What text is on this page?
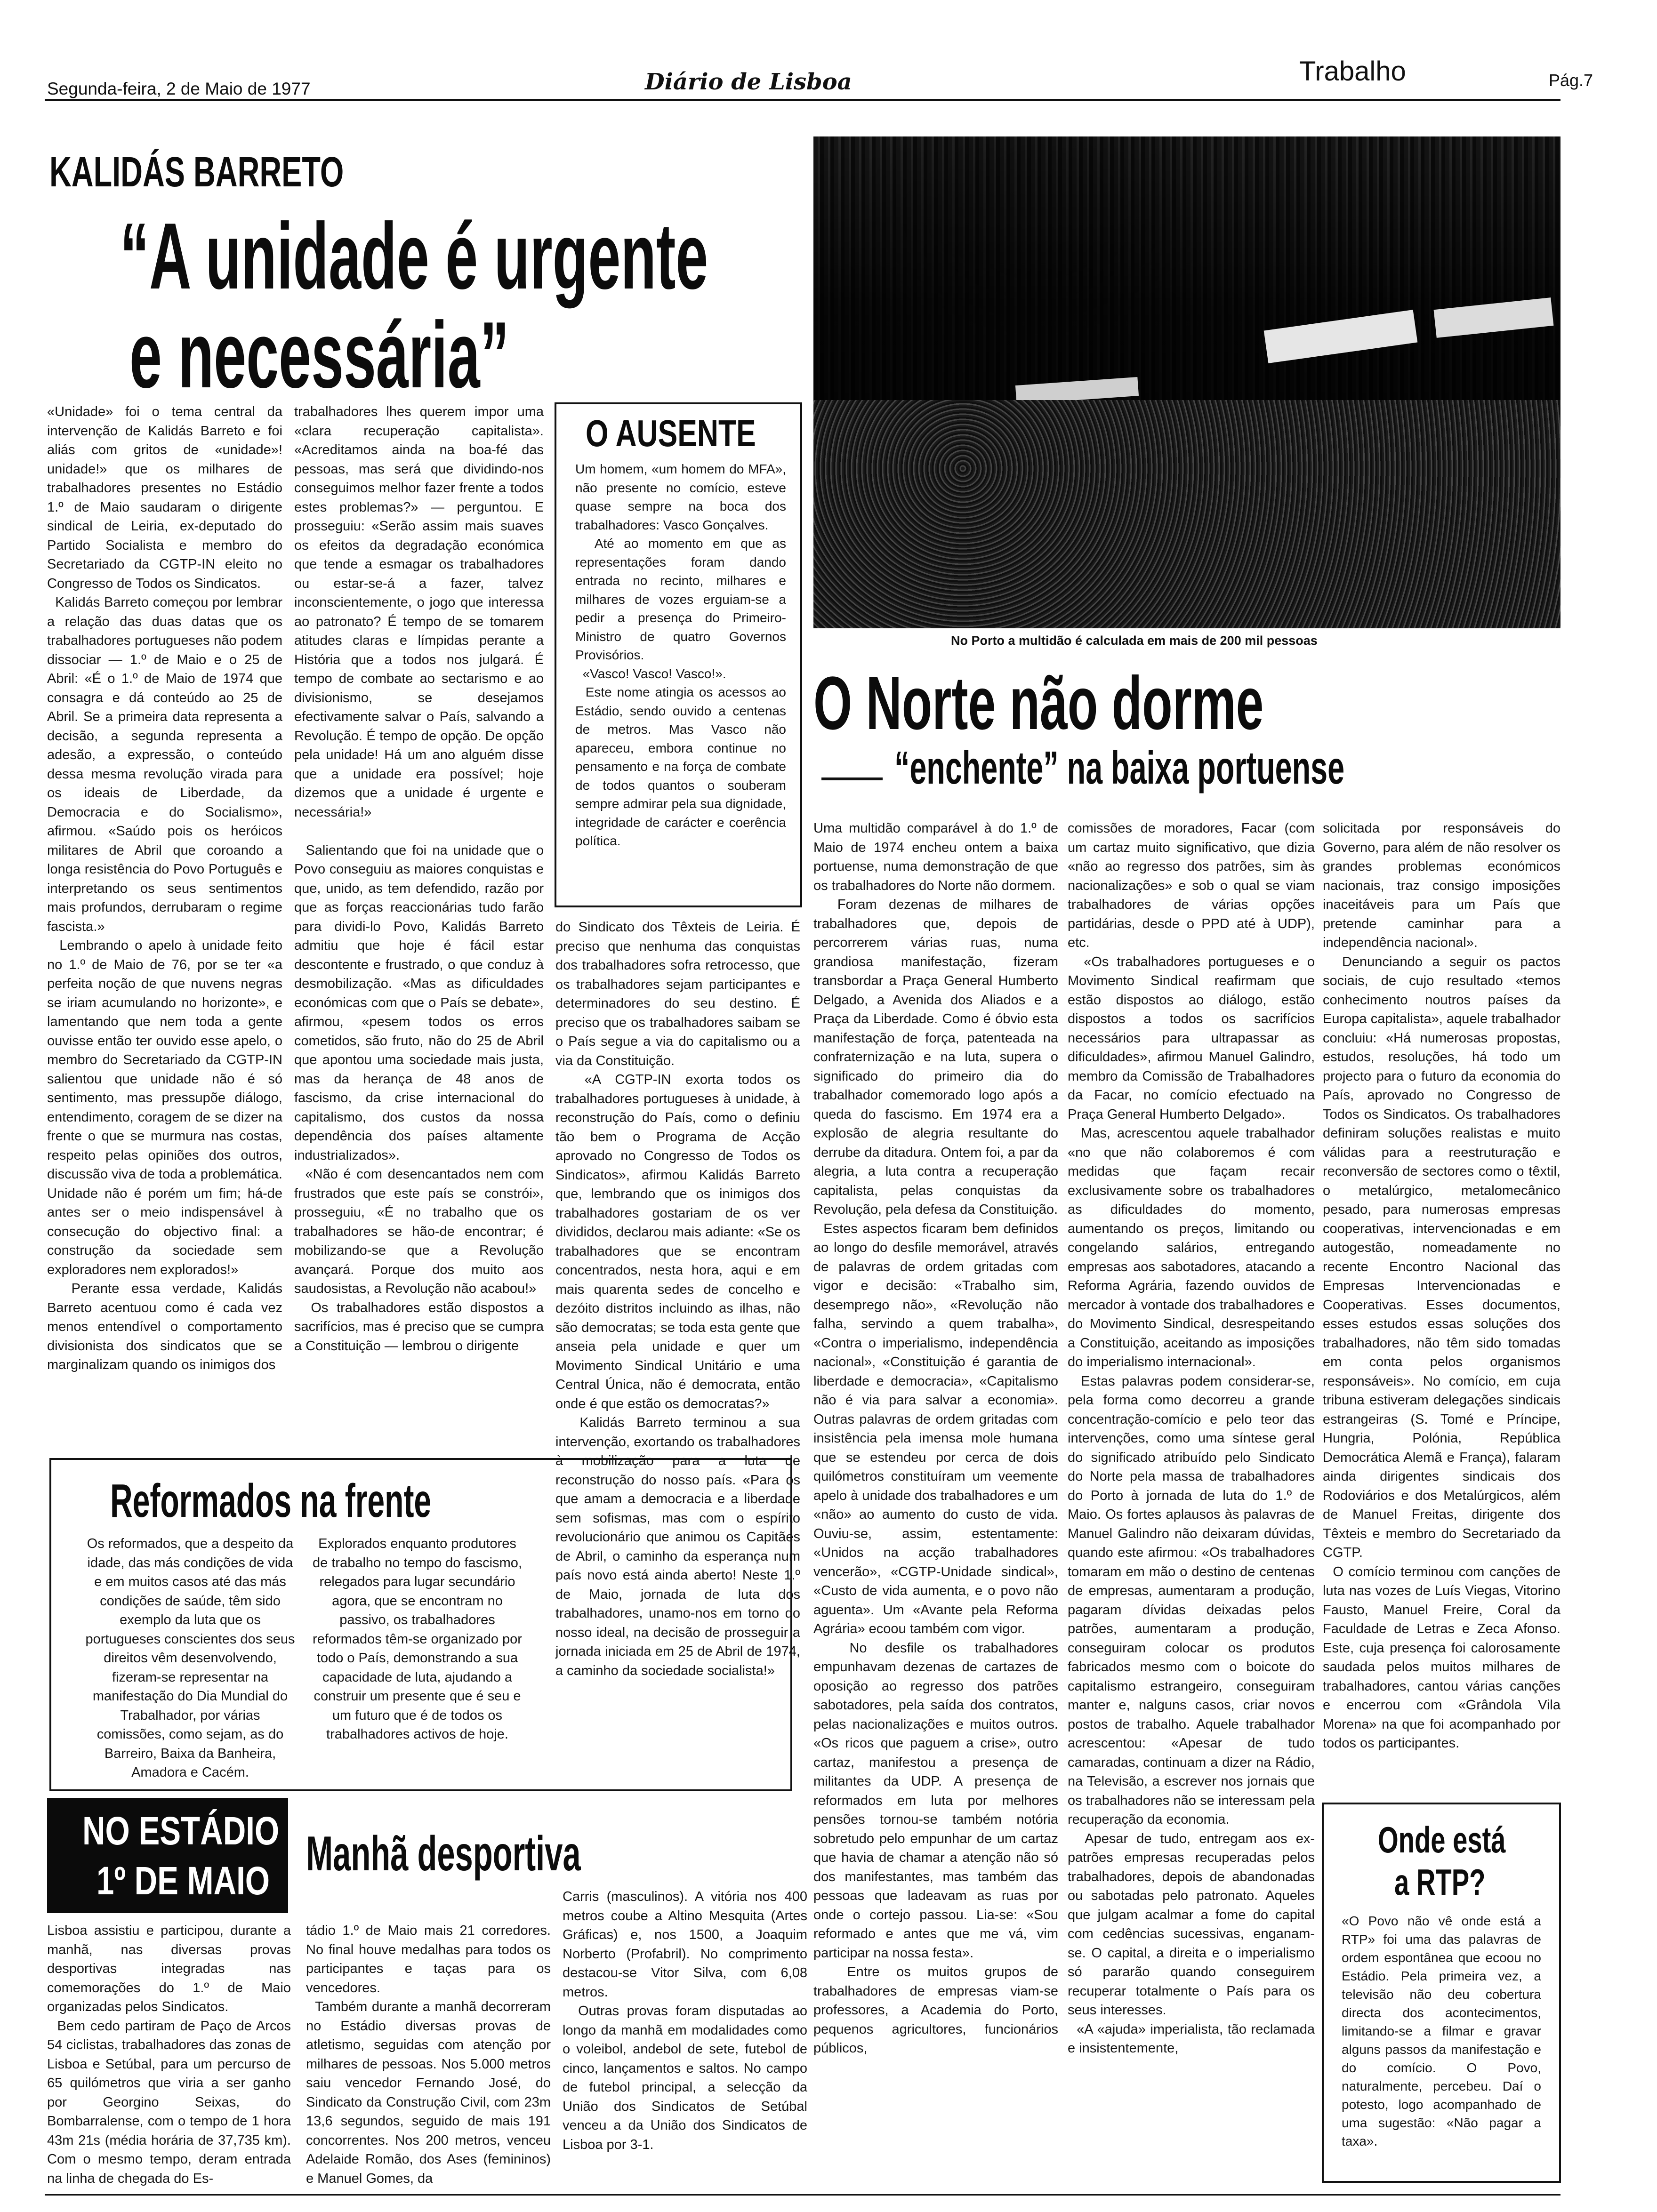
Segunda-feira, 2 de Maio de 1977	Diário de Lisboa	Trabalho	Pág.7
KALIDÁS BARRETO
“A unidade é urgente
e necessária”
«Unidade» foi o tema central da intervenção de Kalidás Barreto e foi aliás com gritos de «unidade»! unidade!» que os milhares de trabalhadores presentes no Estádio 1.º de Maio saudaram o dirigente sindical de Leiria, ex-deputado do Partido Socialista e membro do Secretariado da CGTP-IN eleito no Congresso de Todos os Sindicatos.
Kalidás Barreto começou por lembrar a relação das duas datas que os trabalhadores portugueses não podem dissociar — 1.º de Maio e o 25 de Abril: «É o 1.º de Maio de 1974 que consagra e dá conteúdo ao 25 de Abril. Se a primeira data representa a decisão, a segunda representa a adesão, a expressão, o conteúdo dessa mesma revolução virada para os ideais de Liberdade, da Democracia e do Socialismo», afirmou. «Saúdo pois os heróicos militares de Abril que coroando a longa resistência do Povo Português e interpretando os seus sentimentos mais profundos, derrubaram o regime fascista.»
Lembrando o apelo à unidade feito no 1.º de Maio de 76, por se ter «a perfeita noção de que nuvens negras se iriam acumulando no horizonte», e lamentando que nem toda a gente ouvisse então ter ouvido esse apelo, o membro do Secretariado da CGTP-IN salientou que unidade não é só sentimento, mas pressupõe diálogo, entendimento, coragem de se dizer na frente o que se murmura nas costas, respeito pelas opiniões dos outros, discussão viva de toda a problemática. Unidade não é porém um fim; há-de antes ser o meio indispensável à consecução do objectivo final: a construção da sociedade sem exploradores nem explorados!»
Perante essa verdade, Kalidás Barreto acentuou como é cada vez menos entendível o comportamento divisionista dos sindicatos que se marginalizam quando os inimigos dos
trabalhadores lhes querem impor uma «clara recuperação capitalista». «Acreditamos ainda na boa-fé das pessoas, mas será que dividindo-nos conseguimos melhor fazer frente a todos estes problemas?» — perguntou. E prosseguiu: «Serão assim mais suaves os efeitos da degradação económica que tende a esmagar os trabalhadores ou estar-se-á a fazer, talvez inconscientemente, o jogo que interessa ao patronato? É tempo de se tomarem atitudes claras e límpidas perante a História que a todos nos julgará. É tempo de combate ao sectarismo e ao divisionismo, se desejamos efectivamente salvar o País, salvando a Revolução. É tempo de opção. De opção pela unidade! Há um ano alguém disse que a unidade era possível; hoje dizemos que a unidade é urgente e necessária!»

Salientando que foi na unidade que o Povo conseguiu as maiores conquistas e que, unido, as tem defendido, razão por que as forças reaccionárias tudo farão para dividi-lo Povo, Kalidás Barreto admitiu que hoje é fácil estar descontente e frustrado, o que conduz à desmobilização. «Mas as dificuldades económicas com que o País se debate», afirmou, «pesem todos os erros cometidos, são fruto, não do 25 de Abril que apontou uma sociedade mais justa, mas da herança de 48 anos de fascismo, da crise internacional do capitalismo, dos custos da nossa dependência dos países altamente industrializados».
«Não é com desencantados nem com frustrados que este país se constrói», prosseguiu, «É no trabalho que os trabalhadores se hão-de encontrar; é mobilizando-se que a Revolução avançará. Porque dos muito aos saudosistas, a Revolução não acabou!»
Os trabalhadores estão dispostos a sacrifícios, mas é preciso que se cumpra a Constituição — lembrou o dirigente
do Sindicato dos Têxteis de Leiria. É preciso que nenhuma das conquistas dos trabalhadores sofra retrocesso, que os trabalhadores sejam participantes e determinadores do seu destino. É preciso que os trabalhadores saibam se o País segue a via do capitalismo ou a via da Constituição.
«A CGTP-IN exorta todos os trabalhadores portugueses à unidade, à reconstrução do País, como o definiu tão bem o Programa de Acção aprovado no Congresso de Todos os Sindicatos», afirmou Kalidás Barreto que, lembrando que os inimigos dos trabalhadores gostariam de os ver divididos, declarou mais adiante: «Se os trabalhadores que se encontram concentrados, nesta hora, aqui e em mais quarenta sedes de concelho e dezóito distritos incluindo as ilhas, não são democratas; se toda esta gente que anseia pela unidade e quer um Movimento Sindical Unitário e uma Central Única, não é democrata, então onde é que estão os democratas?»
Kalidás Barreto terminou a sua intervenção, exortando os trabalhadores à mobilização para a luta de reconstrução do nosso país. «Para os que amam a democracia e a liberdade sem sofismas, mas com o espírito revolucionário que animou os Capitães de Abril, o caminho da esperança num país novo está ainda aberto! Neste 1.º de Maio, jornada de luta dos trabalhadores, unamo-nos em torno do nosso ideal, na decisão de prosseguir a jornada iniciada em 25 de Abril de 1974, a caminho da sociedade socialista!»
O AUSENTE
Um homem, «um homem do MFA», não presente no comício, esteve quase sempre na boca dos trabalhadores: Vasco Gonçalves.
Até ao momento em que as representações foram dando entrada no recinto, milhares e milhares de vozes erguiam-se a pedir a presença do Primeiro-Ministro de quatro Governos Provisórios.
«Vasco! Vasco! Vasco!».
Este nome atingia os acessos ao Estádio, sendo ouvido a centenas de metros. Mas Vasco não apareceu, embora continue no pensamento e na força de combate de todos quantos o souberam sempre admirar pela sua dignidade, integridade de carácter e coerência política.
Reformados na frente
Os reformados, que a despeito da idade, das más condições de vida e em muitos casos até das más condições de saúde, têm sido exemplo da luta que os portugueses conscientes dos seus direitos vêm desenvolvendo, fizeram-se representar na manifestação do Dia Mundial do Trabalhador, por várias comissões, como sejam, as do Barreiro, Baixa da Banheira, Amadora e Cacém.
Explorados enquanto produtores de trabalho no tempo do fascismo, relegados para lugar secundário agora, que se encontram no passivo, os trabalhadores reformados têm-se organizado por todo o País, demonstrando a sua capacidade de luta, ajudando a construir um presente que é seu e um futuro que é de todos os trabalhadores activos de hoje.
NO ESTÁDIO
1º DE MAIO Manhã desportiva
Lisboa assistiu e participou, durante a manhã, nas diversas provas desportivas integradas nas comemorações do 1.º de Maio organizadas pelos Sindicatos.
Bem cedo partiram de Paço de Arcos 54 ciclistas, trabalhadores das zonas de Lisboa e Setúbal, para um percurso de 65 quilómetros que viria a ser ganho por Georgino Seixas, do Bombarralense, com o tempo de 1 hora 43m 21s (média horária de 37,735 km). Com o mesmo tempo, deram entrada na linha de chegada do Es-
tádio 1.º de Maio mais 21 corredores. No final houve medalhas para todos os participantes e taças para os vencedores.
Também durante a manhã decorreram no Estádio diversas provas de atletismo, seguidas com atenção por milhares de pessoas. Nos 5.000 metros saiu vencedor Fernando José, do Sindicato da Construção Civil, com 23m 13,6 segundos, seguido de mais 191 concorrentes. Nos 200 metros, venceu Adelaide Romão, dos Ases (femininos) e Manuel Gomes, da
Carris (masculinos). A vitória nos 400 metros coube a Altino Mesquita (Artes Gráficas) e, nos 1500, a Joaquim Norberto (Profabril). No comprimento destacou-se Vitor Silva, com 6,08 metros.
Outras provas foram disputadas ao longo da manhã em modalidades como o voleibol, andebol de sete, futebol de cinco, lançamentos e saltos. No campo de futebol principal, a selecção da União dos Sindicatos de Setúbal venceu a da União dos Sindicatos de Lisboa por 3-1.
No Porto a multidão é calculada em mais de 200 mil pessoas
O Norte não dorme
“enchente” na baixa portuense
Uma multidão comparável à do 1.º de Maio de 1974 encheu ontem a baixa portuense, numa demonstração de que os trabalhadores do Norte não dormem.
Foram dezenas de milhares de trabalhadores que, depois de percorrerem várias ruas, numa grandiosa manifestação, fizeram transbordar a Praça General Humberto Delgado, a Avenida dos Aliados e a Praça da Liberdade. Como é óbvio esta manifestação de força, patenteada na confraternização e na luta, supera o significado do primeiro dia do trabalhador comemorado logo após a queda do fascismo. Em 1974 era a explosão de alegria resultante do derrube da ditadura. Ontem foi, a par da alegria, a luta contra a recuperação capitalista, pelas conquistas da Revolução, pela defesa da Constituição.
Estes aspectos ficaram bem definidos ao longo do desfile memorável, através de palavras de ordem gritadas com vigor e decisão: «Trabalho sim, desemprego não», «Revolução não falha, servindo a quem trabalha», «Contra o imperialismo, independência nacional», «Constituição é garantia de liberdade e democracia», «Capitalismo não é via para salvar a economia». Outras palavras de ordem gritadas com insistência pela imensa mole humana que se estendeu por cerca de dois quilómetros constituíram um veemente apelo à unidade dos trabalhadores e um «não» ao aumento do custo de vida. Ouviu-se, assim, estentamente: «Unidos na acção trabalhadores vencerão», «CGTP-Unidade sindical», «Custo de vida aumenta, e o povo não aguenta». Um «Avante pela Reforma Agrária» ecoou também com vigor.
No desfile os trabalhadores empunhavam dezenas de cartazes de oposição ao regresso dos patrões sabotadores, pela saída dos contratos, pelas nacionalizações e muitos outros. «Os ricos que paguem a crise», outro cartaz, manifestou a presença de militantes da UDP. A presença de reformados em luta por melhores pensões tornou-se também notória sobretudo pelo empunhar de um cartaz que havia de chamar a atenção não só dos manifestantes, mas também das pessoas que ladeavam as ruas por onde o cortejo passou. Lia-se: «Sou reformado e antes que me vá, vim participar na nossa festa».
Entre os muitos grupos de trabalhadores de empresas viam-se professores, a Academia do Porto, pequenos agricultores, funcionários públicos,
comissões de moradores, Facar (com um cartaz muito significativo, que dizia «não ao regresso dos patrões, sim às nacionalizações» e sob o qual se viam trabalhadores de várias opções partidárias, desde o PPD até à UDP), etc.
«Os trabalhadores portugueses e o Movimento Sindical reafirmam que estão dispostos ao diálogo, estão dispostos a todos os sacrifícios necessários para ultrapassar as dificuldades», afirmou Manuel Galindro, membro da Comissão de Trabalhadores da Facar, no comício efectuado na Praça General Humberto Delgado».
Mas, acrescentou aquele trabalhador «no que não colaboremos é com medidas que façam recair exclusivamente sobre os trabalhadores as dificuldades do momento, aumentando os preços, limitando ou congelando salários, entregando empresas aos sabotadores, atacando a Reforma Agrária, fazendo ouvidos de mercador à vontade dos trabalhadores e do Movimento Sindical, desrespeitando a Constituição, aceitando as imposições do imperialismo internacional».
Estas palavras podem considerar-se, pela forma como decorreu a grande concentração-comício e pelo teor das intervenções, como uma síntese geral do significado atribuído pelo Sindicato do Norte pela massa de trabalhadores do Porto à jornada de luta do 1.º de Maio. Os fortes aplausos às palavras de Manuel Galindro não deixaram dúvidas, quando este afirmou: «Os trabalhadores tomaram em mão o destino de centenas de empresas, aumentaram a produção, pagaram dívidas deixadas pelos patrões, aumentaram a produção, conseguiram colocar os produtos fabricados mesmo com o boicote do capitalismo estrangeiro, conseguiram manter e, nalguns casos, criar novos postos de trabalho. Aquele trabalhador acrescentou: «Apesar de tudo camaradas, continuam a dizer na Rádio, na Televisão, a escrever nos jornais que os trabalhadores não se interessam pela recuperação da economia.
Apesar de tudo, entregam aos ex-patrões empresas recuperadas pelos trabalhadores, depois de abandonadas ou sabotadas pelo patronato. Aqueles que julgam acalmar a fome do capital com cedências sucessivas, enganam-se. O capital, a direita e o imperialismo só pararão quando conseguirem recuperar totalmente o País para os seus interesses.
«A «ajuda» imperialista, tão reclamada e insistentemente,
solicitada por responsáveis do Governo, para além de não resolver os grandes problemas económicos nacionais, traz consigo imposições inaceitáveis para um País que pretende caminhar para a independência nacional».
Denunciando a seguir os pactos sociais, de cujo resultado «temos conhecimento noutros países da Europa capitalista», aquele trabalhador concluiu: «Há numerosas propostas, estudos, resoluções, há todo um projecto para o futuro da economia do País, aprovado no Congresso de Todos os Sindicatos. Os trabalhadores definiram soluções realistas e muito válidas para a reestruturação e reconversão de sectores como o têxtil, o metalúrgico, metalomecânico pesado, para numerosas empresas cooperativas, intervencionadas e em autogestão, nomeadamente no recente Encontro Nacional das Empresas Intervencionadas e Cooperativas. Esses documentos, esses estudos essas soluções dos trabalhadores, não têm sido tomadas em conta pelos organismos responsáveis». No comício, em cuja tribuna estiveram delegações sindicais estrangeiras (S. Tomé e Príncipe, Hungria, Polónia, República Democrática Alemã e França), falaram ainda dirigentes sindicais dos Rodoviários e dos Metalúrgicos, além de Manuel Freitas, dirigente dos Têxteis e membro do Secretariado da CGTP.
O comício terminou com canções de luta nas vozes de Luís Viegas, Vitorino Fausto, Manuel Freire, Coral da Faculdade de Letras e Zeca Afonso. Este, cuja presença foi calorosamente saudada pelos muitos milhares de trabalhadores, cantou várias canções e encerrou com «Grândola Vila Morena» na que foi acompanhado por todos os participantes.
Onde está
a RTP?
«O Povo não vê onde está a RTP» foi uma das palavras de ordem espontânea que ecoou no Estádio. Pela primeira vez, a televisão não deu cobertura directa dos acontecimentos, limitando-se a filmar e gravar alguns passos da manifestação e do comício. O Povo, naturalmente, percebeu. Daí o potesto, logo acompanhado de uma sugestão: «Não pagar a taxa».
